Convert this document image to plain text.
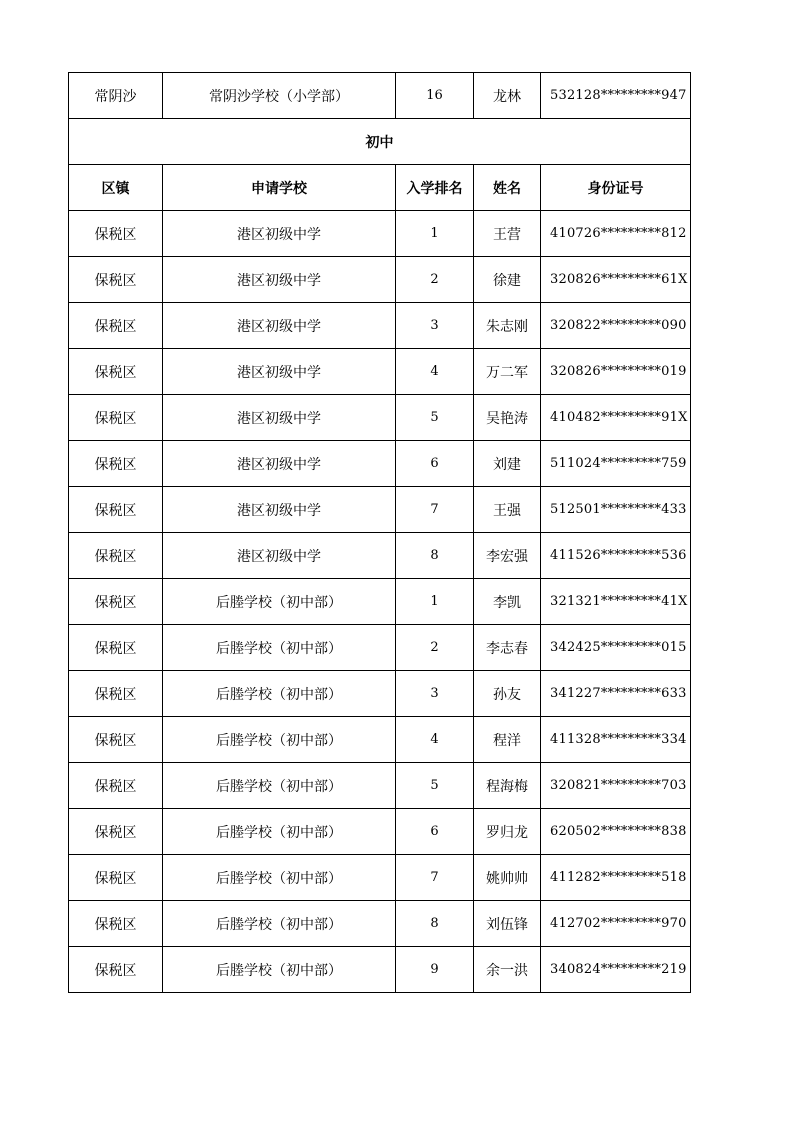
常阴沙	常阴沙学校（小学部）	16	龙林	532128*********947
初中				
区镇	申请学校	入学排名	姓名	身份证号
保税区	港区初级中学	1	王营	410726*********812
保税区	港区初级中学	2	徐建	320826*********61X
保税区	港区初级中学	3	朱志刚	320822*********090
保税区	港区初级中学	4	万二军	320826*********019
保税区	港区初级中学	5	吴艳涛	410482*********91X
保税区	港区初级中学	6	刘建	511024*********759
保税区	港区初级中学	7	王强	512501*********433
保税区	港区初级中学	8	李宏强	411526*********536
保税区	后塍学校（初中部）	1	李凯	321321*********41X
保税区	后塍学校（初中部）	2	李志春	342425*********015
保税区	后塍学校（初中部）	3	孙友	341227*********633
保税区	后塍学校（初中部）	4	程洋	411328*********334
保税区	后塍学校（初中部）	5	程海梅	320821*********703
保税区	后塍学校（初中部）	6	罗归龙	620502*********838
保税区	后塍学校（初中部）	7	姚帅帅	411282*********518
保税区	后塍学校（初中部）	8	刘伍锋	412702*********970
保税区	后塍学校（初中部）	9	余一洪	340824*********219
